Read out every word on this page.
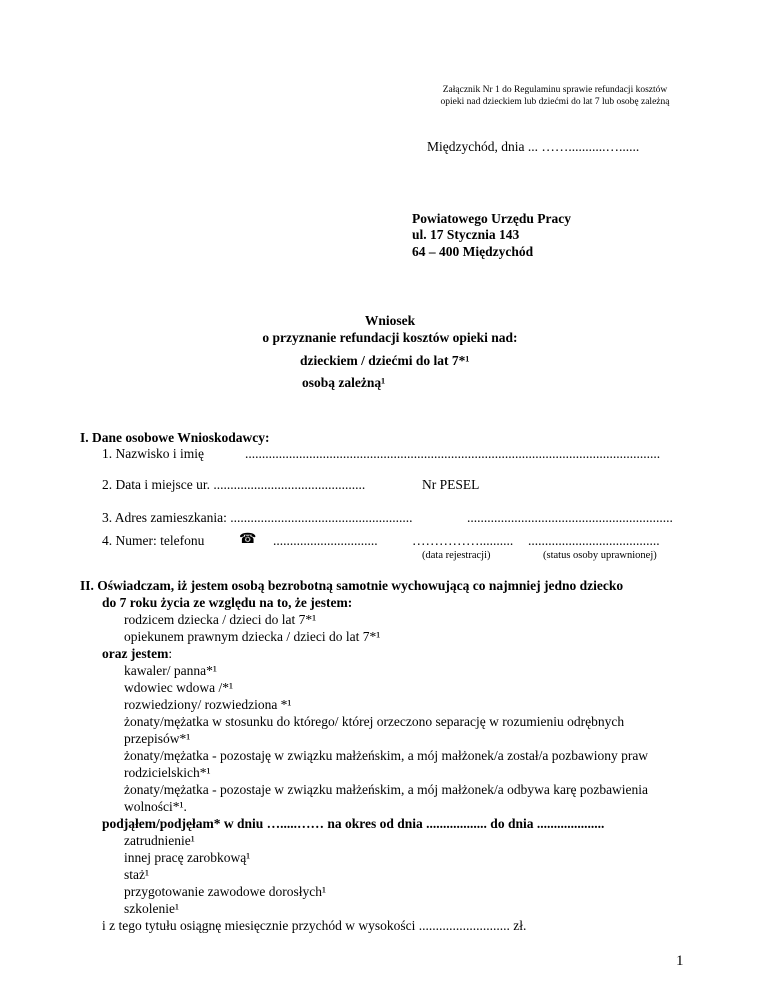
Załącznik Nr 1 do Regulaminu sprawie refundacji kosztów
opieki nad dzieckiem lub dziećmi do lat 7 lub osobę zależną
Międzychód, dnia ... ……...........…......
Powiatowego Urzędu Pracy
ul. 17 Stycznia 143
64 – 400 Międzychód
Wniosek
o przyznanie refundacji kosztów opieki nad:
dzieckiem / dziećmi do lat 7*¹
osobą zależną¹
I. Dane osobowe Wnioskodawcy:
1. Nazwisko i imię	...........................................................................................................................
2. Data i miejsce ur. .............................................	Nr PESEL
3. Adres zamieszkania: ......................................................	.............................................................
4. Numer: telefonu ☎ ...............................	…………….......... .......................................
(data rejestracji)	(status osoby uprawnionej)
II. Oświadczam, iż jestem osobą bezrobotną samotnie wychowującą co najmniej jedno dziecko
do 7 roku życia ze względu na to, że jestem:
rodzicem dziecka / dzieci do lat 7*¹
opiekunem prawnym dziecka / dzieci do lat 7*¹
oraz jestem:
kawaler/ panna*¹
wdowiec wdowa /*¹
rozwiedziony/ rozwiedziona *¹
żonaty/mężatka w stosunku do którego/ której orzeczono separację w rozumieniu odrębnych
przepisów*¹
żonaty/mężatka - pozostaję w związku małżeńskim, a mój małżonek/a został/a pozbawiony praw
rodzicielskich*¹
żonaty/mężatka - pozostaje w związku małżeńskim, a mój małżonek/a odbywa karę pozbawienia
wolności*¹.
podjąłem/podjęłam* w dniu ….....…… na okres od dnia .................. do dnia ....................
zatrudnienie¹
innej pracę zarobkową¹
staż¹
przygotowanie zawodowe dorosłych¹
szkolenie¹
i z tego tytułu osiągnę miesięcznie przychód w wysokości ........................... zł.
1
